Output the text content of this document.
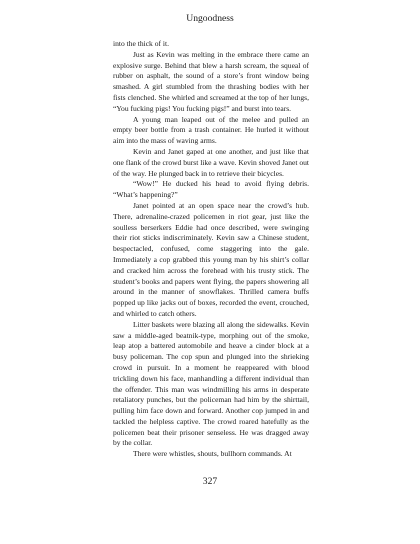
Ungoodness

into the thick of it.

Just as Kevin was melting in the embrace there came an explosive surge. Behind that blew a harsh scream, the squeal of rubber on asphalt, the sound of a store’s front window being smashed. A girl stumbled from the thrashing bodies with her fists clenched. She whirled and screamed at the top of her lungs, “You fucking pigs! You fucking pigs!” and burst into tears.

A young man leaped out of the melee and pulled an empty beer bottle from a trash container. He hurled it without aim into the mass of waving arms.

Kevin and Janet gaped at one another, and just like that one flank of the crowd burst like a wave. Kevin shoved Janet out of the way. He plunged back in to retrieve their bicycles.

“Wow!” He ducked his head to avoid flying debris. “What’s happening?”

Janet pointed at an open space near the crowd’s hub. There, adrenaline-crazed policemen in riot gear, just like the soulless berserkers Eddie had once described, were swinging their riot sticks indiscriminately. Kevin saw a Chinese student, bespectacled, confused, come staggering into the gale. Immediately a cop grabbed this young man by his shirt’s collar and cracked him across the forehead with his trusty stick. The student’s books and papers went flying, the papers showering all around in the manner of snowflakes. Thrilled camera buffs popped up like jacks out of boxes, recorded the event, crouched, and whirled to catch others.

Litter baskets were blazing all along the sidewalks. Kevin saw a middle-aged beatnik-type, morphing out of the smoke, leap atop a battered automobile and heave a cinder block at a busy policeman. The cop spun and plunged into the shrieking crowd in pursuit. In a moment he reappeared with blood trickling down his face, manhandling a different individual than the offender. This man was windmilling his arms in desperate retaliatory punches, but the policeman had him by the shirttail, pulling him face down and forward. Another cop jumped in and tackled the helpless captive. The crowd roared hatefully as the policemen beat their prisoner senseless. He was dragged away by the collar.

There were whistles, shouts, bullhorn commands. At

327
